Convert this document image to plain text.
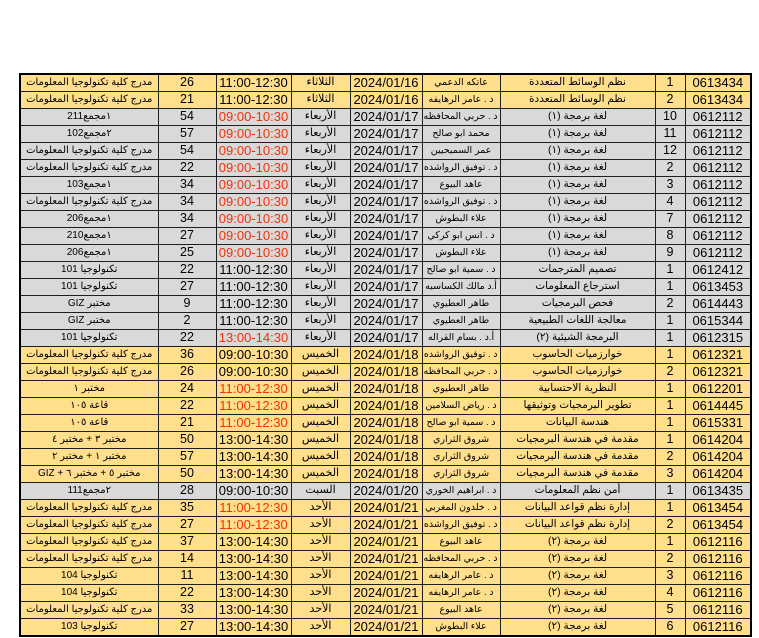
0613434	1	نظم الوسائط المتعددة	عاتكه الدعمي	2024/01/16	الثلاثاء	11:00-12:30	26	مدرج كلية تكنولوجيا المعلومات
0613434	2	نظم الوسائط المتعددة	د . عامر الرهايفه	2024/01/16	الثلاثاء	11:00-12:30	21	مدرج كلية تكنولوجيا المعلومات
0612112	10	لغة برمجة (١)	د . حربي المحافظه	2024/01/17	الأربعاء	09:00-10:30	54	١مجمع211
0612112	11	لغة برمجة (١)	محمد ابو صالح	2024/01/17	الأربعاء	09:00-10:30	57	٢مجمع102
0612112	12	لغة برمجة (١)	عمر السميحيين	2024/01/17	الأربعاء	09:00-10:30	54	مدرج كلية تكنولوجيا المعلومات
0612112	2	لغة برمجة (١)	د . توفيق الرواشده	2024/01/17	الأربعاء	09:00-10:30	22	مدرج كلية تكنولوجيا المعلومات
0612112	3	لغة برمجة (١)	عاهد البيوع	2024/01/17	الأربعاء	09:00-10:30	34	١مجمع103
0612112	4	لغة برمجة (١)	د . توفيق الرواشده	2024/01/17	الأربعاء	09:00-10:30	34	مدرج كلية تكنولوجيا المعلومات
0612112	7	لغة برمجة (١)	علاء البطوش	2024/01/17	الأربعاء	09:00-10:30	34	١مجمع206
0612112	8	لغة برمجة (١)	د . انس ابو كركي	2024/01/17	الأربعاء	09:00-10:30	27	١مجمع210
0612112	9	لغة برمجة (١)	علاء البطوش	2024/01/17	الأربعاء	09:00-10:30	25	١مجمع206
0612412	1	تصميم المترجمات	د . سمية ابو صالح	2024/01/17	الأربعاء	11:00-12:30	22	تكنولوجيا 101
0613453	1	استرجاع المعلومات	أ.د مالك الكساسبه	2024/01/17	الأربعاء	11:00-12:30	27	تكنولوجيا 101
0614443	2	فحص البرمجيات	طاهر العطيوي	2024/01/17	الأربعاء	11:00-12:30	9	مختبر GIZ
0615344	1	معالجة اللغات الطبيعية	طاهر العطيوي	2024/01/17	الأربعاء	11:00-12:30	2	مختبر GIZ
0612315	1	البرمجة الشيئية (٢)	أ.د . بسام القراله	2024/01/17	الأربعاء	13:00-14:30	22	تكنولوجيا 101
0612321	1	خوارزميات الحاسوب	د . توفيق الرواشده	2024/01/18	الخميس	09:00-10:30	36	مدرج كلية تكنولوجيا المعلومات
0612321	2	خوارزميات الحاسوب	د . حربي المحافظه	2024/01/18	الخميس	09:00-10:30	26	مدرج كلية تكنولوجيا المعلومات
0612201	1	النظرية الاحتسابية	طاهر العطيوي	2024/01/18	الخميس	11:00-12:30	24	مختبر ١
0614445	1	تطوير البرمجيات وتوثيقها	د . رياض السلامين	2024/01/18	الخميس	11:00-12:30	22	قاعة ١٠٥
0615331	1	هندسة البيانات	د . سمية ابو صالح	2024/01/18	الخميس	11:00-12:30	21	قاعة ١٠٥
0614204	1	مقدمة في هندسة البرمجيات	شروق الثراري	2024/01/18	الخميس	13:00-14:30	50	مختبر ٣ + مختبر ٤
0614204	2	مقدمة في هندسة البرمجيات	شروق الثراري	2024/01/18	الخميس	13:00-14:30	57	مختبر ١ + مختبر ٢
0614204	3	مقدمة في هندسة البرمجيات	شروق الثراري	2024/01/18	الخميس	13:00-14:30	50	مختبر ٥ + مختبر ٦ + GIZ
0613435	1	أمن نظم المعلومات	د . ابراهيم الخوري	2024/01/20	السبت	09:00-10:30	28	٢مجمع111
0613454	1	إدارة نظم قواعد البيانات	د . خلدون المغربي	2024/01/21	الأحد	11:00-12:30	35	مدرج كلية تكنولوجيا المعلومات
0613454	2	إدارة نظم قواعد البيانات	د . توفيق الرواشده	2024/01/21	الأحد	11:00-12:30	27	مدرج كلية تكنولوجيا المعلومات
0612116	1	لغة برمجة (٢)	عاهد البيوع	2024/01/21	الأحد	13:00-14:30	37	مدرج كلية تكنولوجيا المعلومات
0612116	2	لغة برمجة (٢)	د . حربي المحافظه	2024/01/21	الأحد	13:00-14:30	14	مدرج كلية تكنولوجيا المعلومات
0612116	3	لغة برمجة (٢)	د . عامر الرهايفه	2024/01/21	الأحد	13:00-14:30	11	تكنولوجيا 104
0612116	4	لغة برمجة (٢)	د . عامر الرهايفه	2024/01/21	الأحد	13:00-14:30	22	تكنولوجيا 104
0612116	5	لغة برمجة (٢)	عاهد البيوع	2024/01/21	الأحد	13:00-14:30	33	مدرج كلية تكنولوجيا المعلومات
0612116	6	لغة برمجة (٢)	علاء البطوش	2024/01/21	الأحد	13:00-14:30	27	تكنولوجيا 103
